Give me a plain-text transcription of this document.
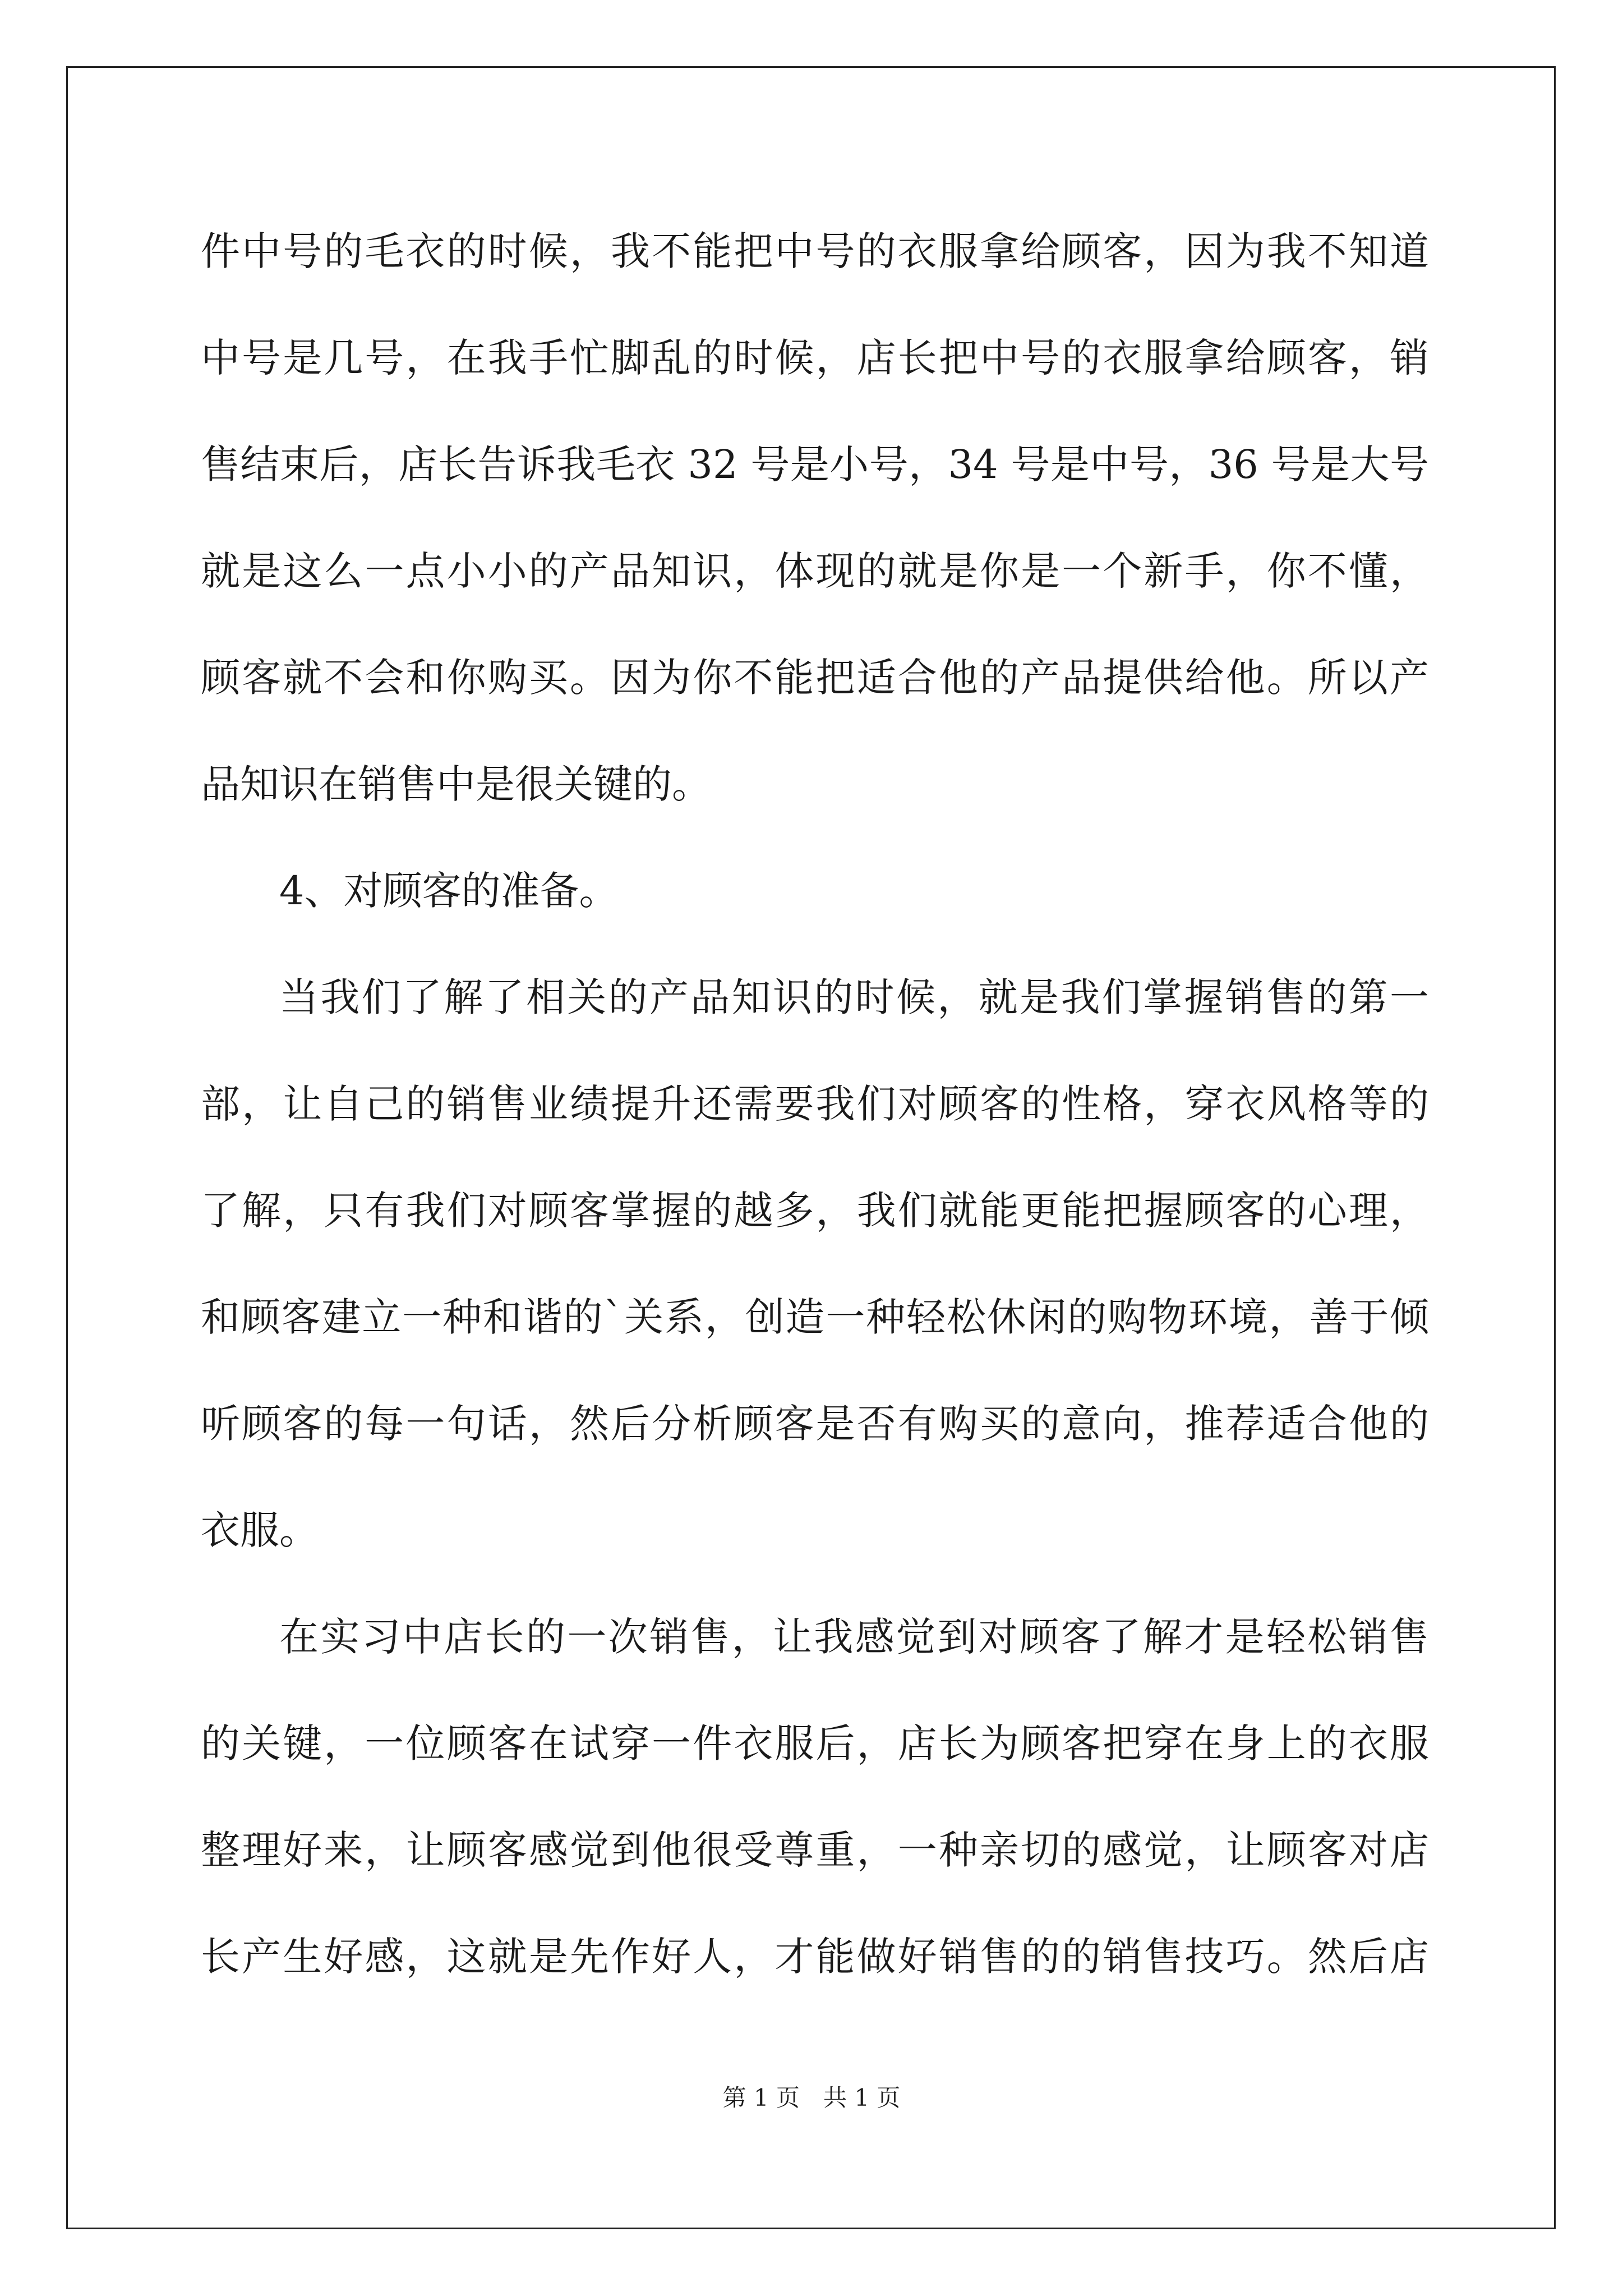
件中号的毛衣的时候，我不能把中号的衣服拿给顾客，因为我不知道

中号是几号，在我手忙脚乱的时候，店长把中号的衣服拿给顾客，销

售结束后，店长告诉我毛衣 32 号是小号，34 号是中号，36 号是大号

就是这么一点小小的产品知识，体现的就是你是一个新手，你不懂，

顾客就不会和你购买。因为你不能把适合他的产品提供给他。所以产

品知识在销售中是很关键的。

4、对顾客的准备。

当我们了解了相关的产品知识的时候，就是我们掌握销售的第一

部，让自己的销售业绩提升还需要我们对顾客的性格，穿衣风格等的

了解，只有我们对顾客掌握的越多，我们就能更能把握顾客的心理，

和顾客建立一种和谐的`关系，创造一种轻松休闲的购物环境，善于倾

听顾客的每一句话，然后分析顾客是否有购买的意向，推荐适合他的

衣服。

在实习中店长的一次销售，让我感觉到对顾客了解才是轻松销售

的关键，一位顾客在试穿一件衣服后，店长为顾客把穿在身上的衣服

整理好来，让顾客感觉到他很受尊重，一种亲切的感觉，让顾客对店

长产生好感，这就是先作好人，才能做好销售的的销售技巧。然后店

第 1 页　共 1 页
